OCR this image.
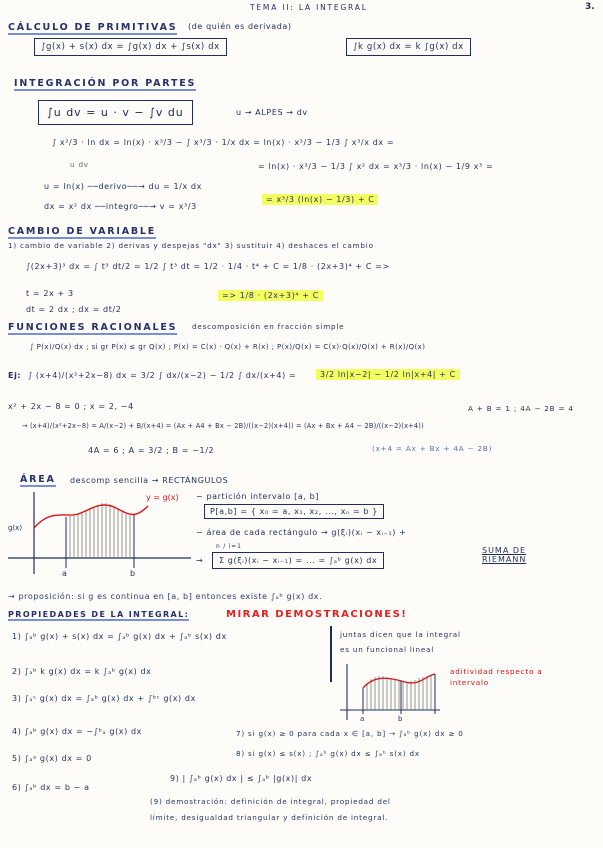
TEMA II: LA INTEGRAL	3.
CÁLCULO DE PRIMITIVAS (de quién es derivada)
∫g(x) + s(x) dx = ∫g(x) dx + ∫s(x) dx	∫k g(x) dx = k ∫g(x) dx
INTEGRACIÓN POR PARTES
∫u dv = u · v − ∫v du	u → ALPES → dv
∫ x²/3 · ln dx = ln(x) · x³/3 − ∫ x³/3 · 1/x dx = ln(x) · x³/3 − 1/3 ∫ x³/x dx =
u dv	= ln(x) · x³/3 − 1/3 ∫ x² dx = x³/3 · ln(x) − 1/9 x³ =
u = ln(x) ──derivo──→ du = 1/x dx
dx = x² dx ──integro──→ v = x³/3
= x³/3 (ln(x) − 1/3) + C
CAMBIO DE VARIABLE
1) cambio de variable 2) derivas y despejas "dx" 3) sustituir 4) deshaces el cambio
∫(2x+3)³ dx = ∫ t³ dt/2 = 1/2 ∫ t³ dt = 1/2 · 1/4 · t⁴ + C = 1/8 · (2x+3)⁴ + C =>
t = 2x + 3
dt = 2 dx ; dx = dt/2
=> 1/8 · (2x+3)⁴ + C
FUNCIONES RACIONALES descomposición en fracción simple
∫ P(x)/Q(x) dx ; si gr P(x) ≤ gr Q(x) ; P(x) = C(x) · Q(x) + R(x) ; P(x)/Q(x) = C(x)·Q(x)/Q(x) + R(x)/Q(x)
Ej: ∫ (x+4)/(x²+2x−8) dx = 3/2 ∫ dx/(x−2) − 1/2 ∫ dx/(x+4) =	3/2 ln|x−2| − 1/2 ln|x+4| + C
x² + 2x − 8 = 0 ; x = 2, −4
→ (x+4)/(x²+2x−8) = A/(x−2) + B/(x+4) = (Ax + A4 + Bx − 2B)/((x−2)(x+4)) = (Ax + Bx + A4 − 2B)/((x−2)(x+4))
A + B = 1 ; 4A − 2B = 4
(x+4 = Ax + Bx + 4A − 2B)
4A = 6 ; A = 3/2 ; B = −1/2
ÁREA descomp sencilla → RECTÁNGULOS
y = g(x)
g(x)
a	b
− partición intervalo [a, b]
P[a,b] = { x₀ = a, x₁, x₂, ..., xₙ = b }
− área de cada rectángulo → g(ξᵢ)(xᵢ − xᵢ₋₁) +
→
n / i=1
Σ g(ξᵢ)(xᵢ − xᵢ₋₁) = ... = ∫ₐᵇ g(x) dx
SUMA DE RIEMANN
→ proposición: si g es continua en [a, b] entonces existe ∫ₐᵇ g(x) dx.
PROPIEDADES DE LA INTEGRAL:	MIRAR DEMOSTRACIONES!
1) ∫ₐᵇ g(x) + s(x) dx = ∫ₐᵇ g(x) dx + ∫ₐᵇ s(x) dx	juntas dicen que la integral
es un funcional lineal
2) ∫ₐᵇ k g(x) dx = k ∫ₐᵇ g(x) dx
3) ∫ₐᶜ g(x) dx = ∫ₐᵇ g(x) dx + ∫ᵇᶜ g(x) dx
a	b
aditividad respecto a intervalo
4) ∫ₐᵇ g(x) dx = −∫ᵇₐ g(x) dx	7) si g(x) ≥ 0 para cada x ∈ [a, b] → ∫ₐᵇ g(x) dx ≥ 0
5) ∫ₐᵃ g(x) dx = 0
8) si g(x) ≤ s(x) ; ∫ₐᵇ g(x) dx ≤ ∫ₐᵇ s(x) dx
6) ∫ₐᵇ dx = b − a
9) | ∫ₐᵇ g(x) dx | ≤ ∫ₐᵇ |g(x)| dx
(9) demostración: definición de integral, propiedad del
límite, desigualdad triangular y definición de integral.
